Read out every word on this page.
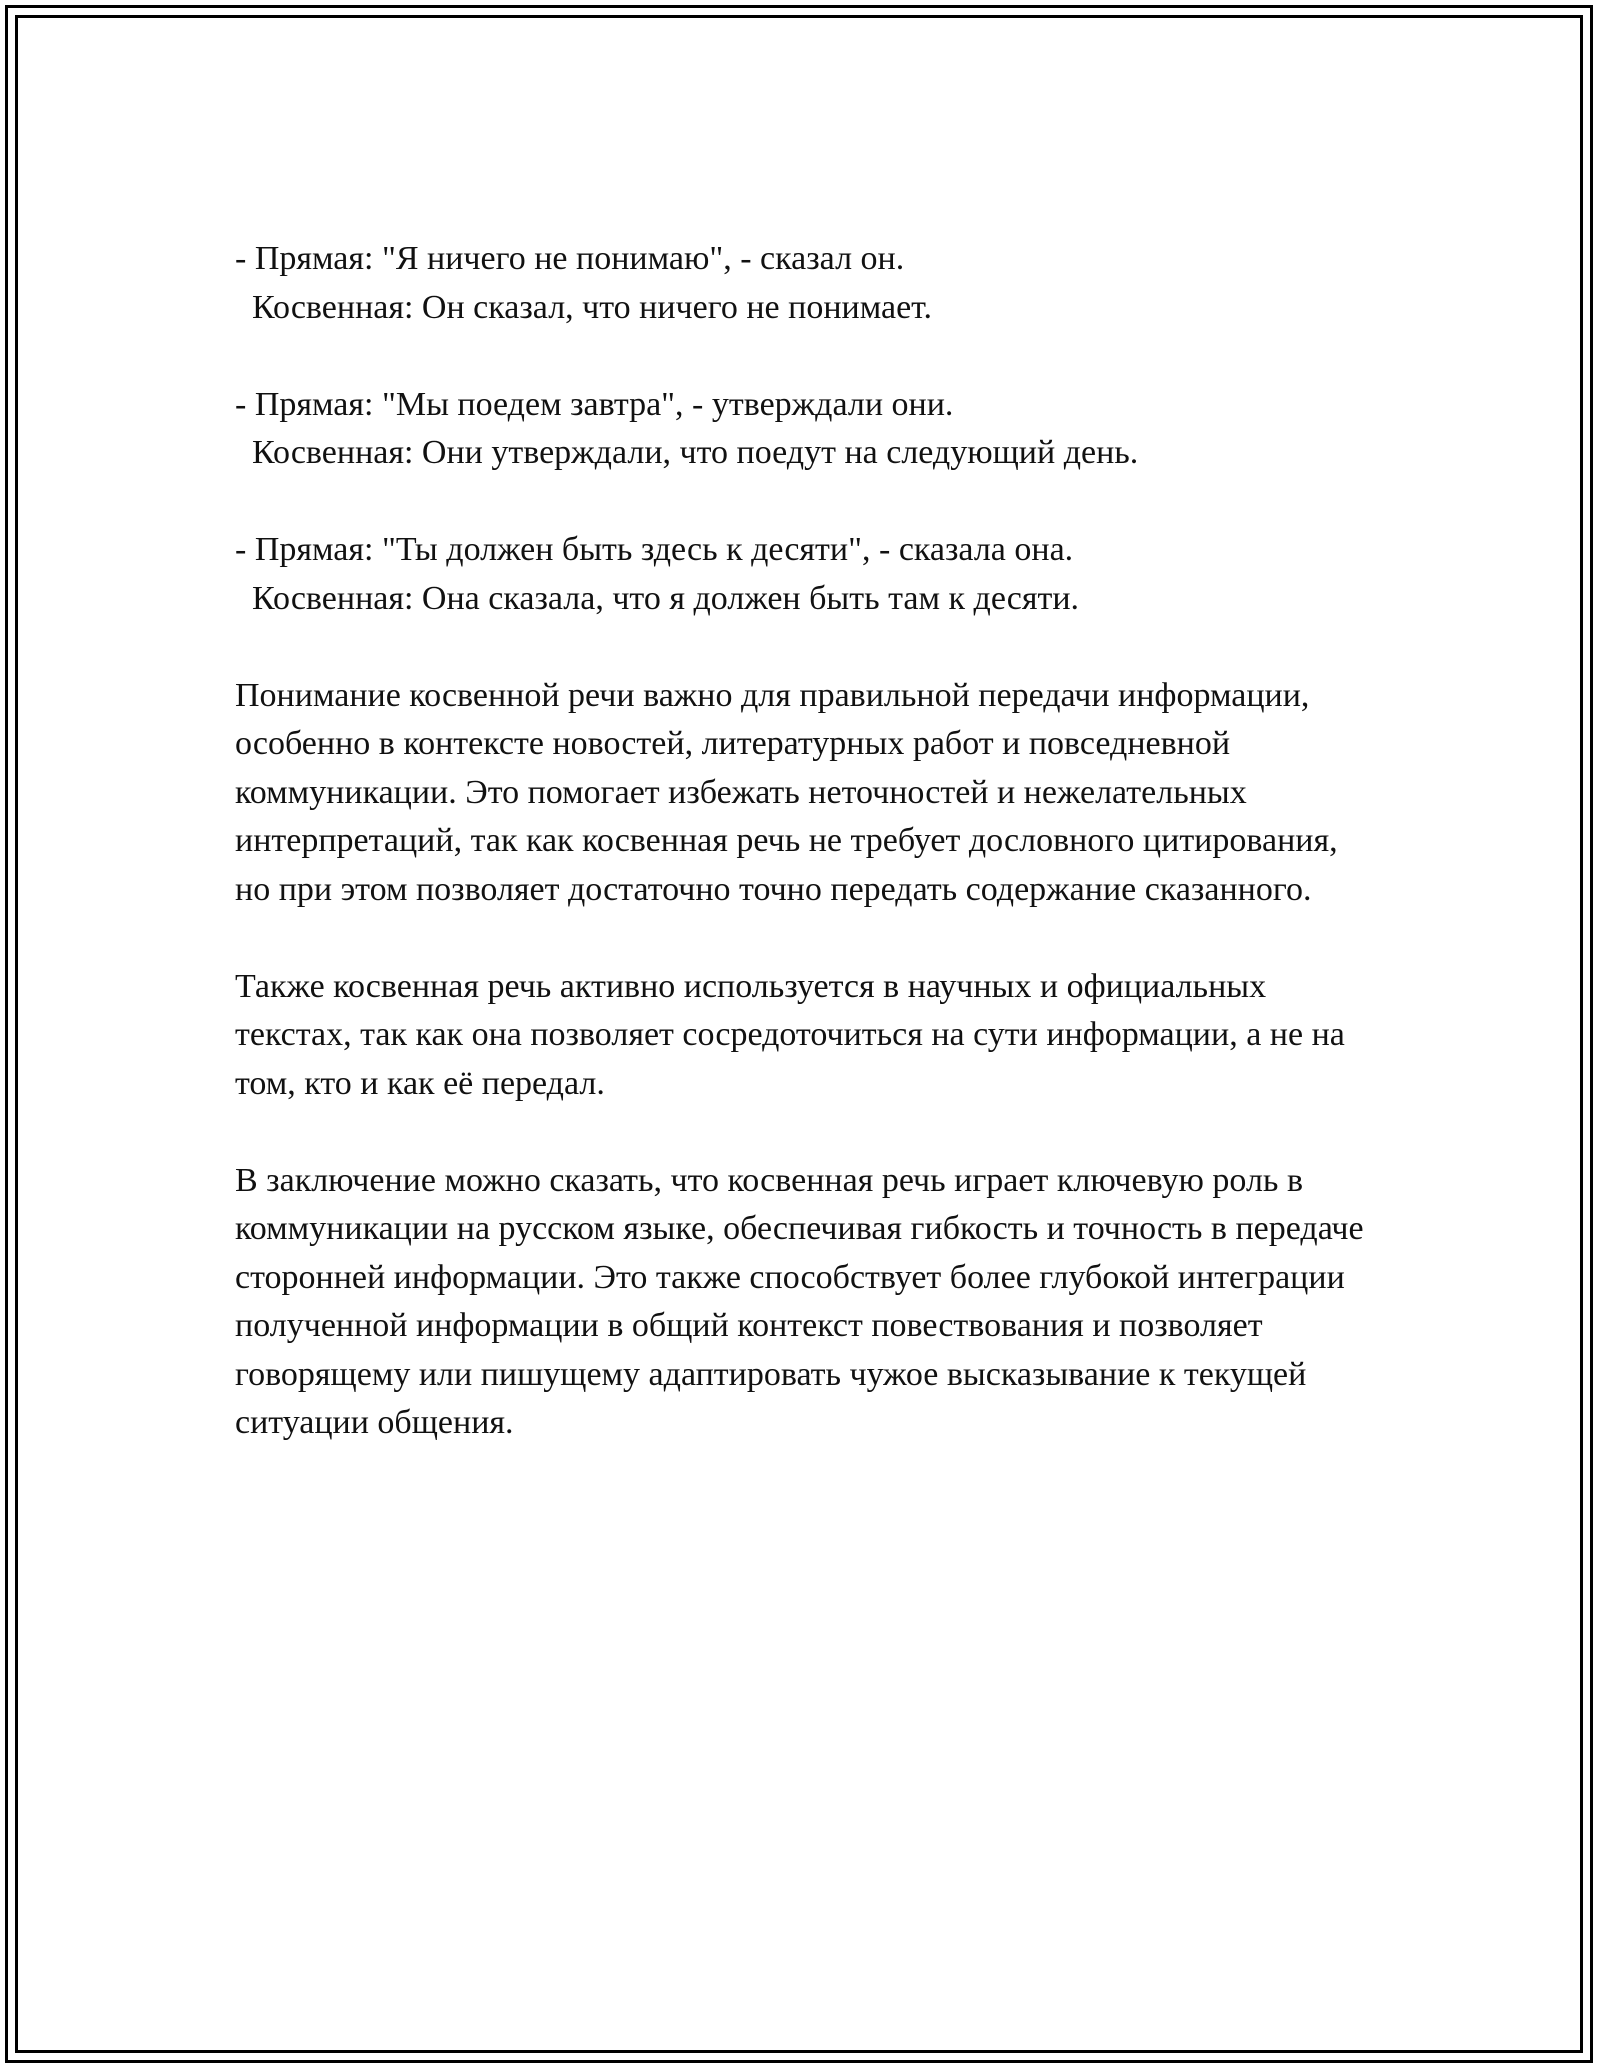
- Прямая: "Я ничего не понимаю", - сказал он.
Косвенная: Он сказал, что ничего не понимает.
- Прямая: "Мы поедем завтра", - утверждали они.
Косвенная: Они утверждали, что поедут на следующий день.
- Прямая: "Ты должен быть здесь к десяти", - сказала она.
Косвенная: Она сказала, что я должен быть там к десяти.

Понимание косвенной речи важно для правильной передачи информации, особенно в контексте новостей, литературных работ и повседневной коммуникации. Это помогает избежать неточностей и нежелательных интерпретаций, так как косвенная речь не требует дословного цитирования, но при этом позволяет достаточно точно передать содержание сказанного.

Также косвенная речь активно используется в научных и официальных текстах, так как она позволяет сосредоточиться на сути информации, а не на том, кто и как её передал.

В заключение можно сказать, что косвенная речь играет ключевую роль в коммуникации на русском языке, обеспечивая гибкость и точность в передаче сторонней информации. Это также способствует более глубокой интеграции полученной информации в общий контекст повествования и позволяет говорящему или пишущему адаптировать чужое высказывание к текущей ситуации общения.
